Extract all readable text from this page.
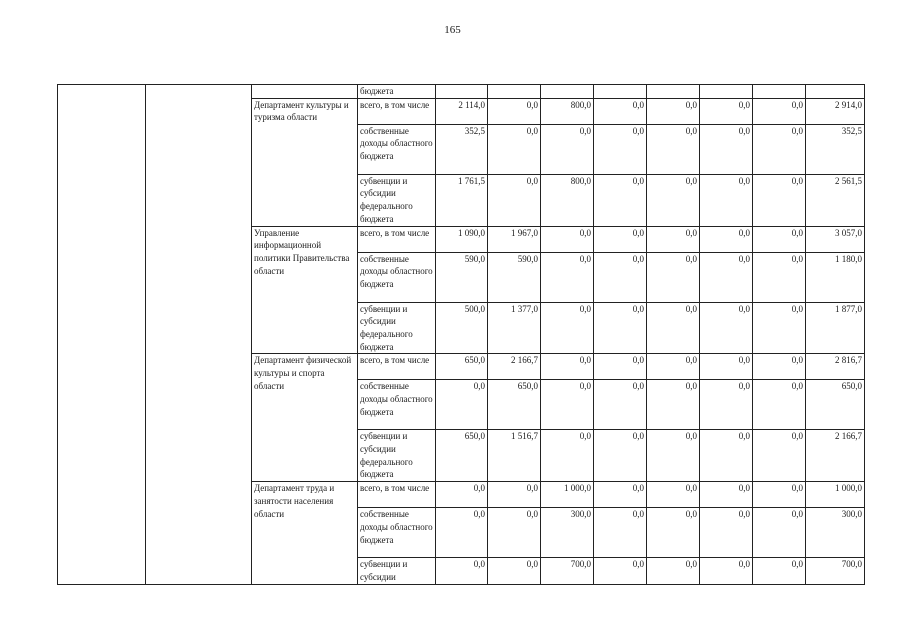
165
			бюджета								
		Департамент культуры и туризма области	всего, в том числе	2 114,0	0,0	800,0	0,0	0,0	0,0	0,0	2 914,0
			собственные доходы областного бюджета	352,5	0,0	0,0	0,0	0,0	0,0	0,0	352,5
			субвенции и субсидии федерального бюджета	1 761,5	0,0	800,0	0,0	0,0	0,0	0,0	2 561,5
		Управление информационной политики Правительства области	всего, в том числе	1 090,0	1 967,0	0,0	0,0	0,0	0,0	0,0	3 057,0
			собственные доходы областного бюджета	590,0	590,0	0,0	0,0	0,0	0,0	0,0	1 180,0
			субвенции и субсидии федерального бюджета	500,0	1 377,0	0,0	0,0	0,0	0,0	0,0	1 877,0
		Департамент физической культуры и спорта области	всего, в том числе	650,0	2 166,7	0,0	0,0	0,0	0,0	0,0	2 816,7
			собственные доходы областного бюджета	0,0	650,0	0,0	0,0	0,0	0,0	0,0	650,0
			субвенции и субсидии федерального бюджета	650,0	1 516,7	0,0	0,0	0,0	0,0	0,0	2 166,7
		Департамент труда и занятости населения области	всего, в том числе	0,0	0,0	1 000,0	0,0	0,0	0,0	0,0	1 000,0
			собственные доходы областного бюджета	0,0	0,0	300,0	0,0	0,0	0,0	0,0	300,0
			субвенции и субсидии	0,0	0,0	700,0	0,0	0,0	0,0	0,0	700,0
